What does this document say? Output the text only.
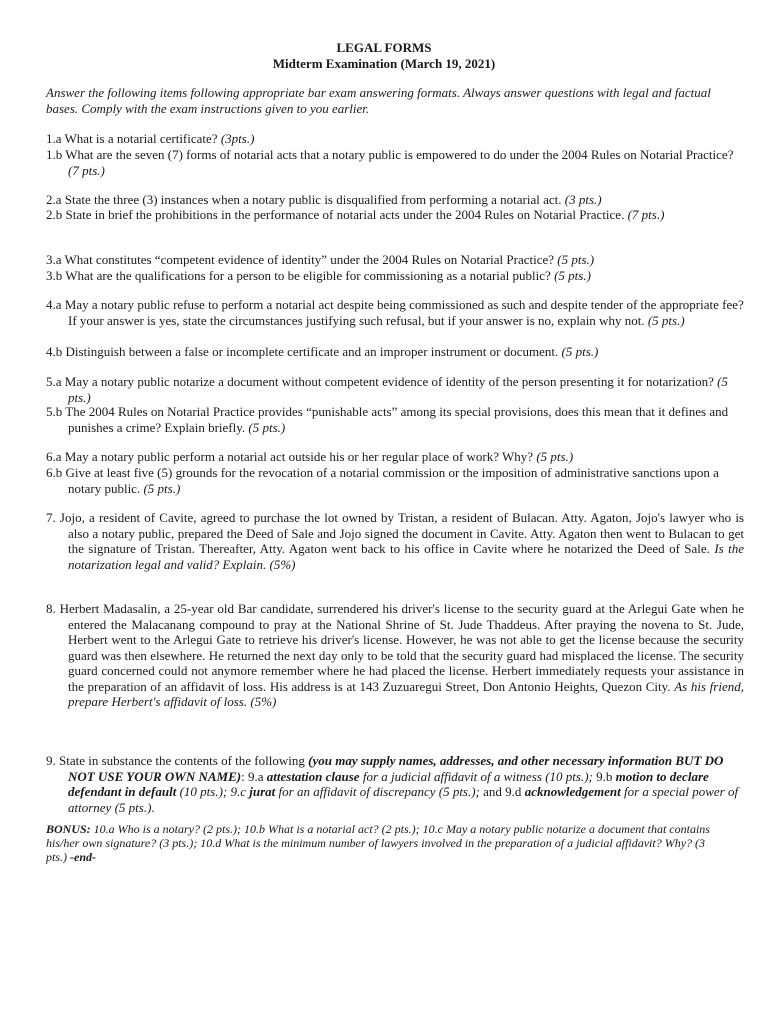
LEGAL FORMS
Midterm Examination (March 19, 2021)
Answer the following items following appropriate bar exam answering formats. Always answer questions with legal and factual bases. Comply with the exam instructions given to you earlier.
1.a What is a notarial certificate? (3pts.)
1.b What are the seven (7) forms of notarial acts that a notary public is empowered to do under the 2004 Rules on Notarial Practice? (7 pts.)
2.a State the three (3) instances when a notary public is disqualified from performing a notarial act. (3 pts.)
2.b State in brief the prohibitions in the performance of notarial acts under the 2004 Rules on Notarial Practice. (7 pts.)
3.a What constitutes “competent evidence of identity” under the 2004 Rules on Notarial Practice? (5 pts.)
3.b What are the qualifications for a person to be eligible for commissioning as a notarial public? (5 pts.)
4.a May a notary public refuse to perform a notarial act despite being commissioned as such and despite tender of the appropriate fee? If your answer is yes, state the circumstances justifying such refusal, but if your answer is no, explain why not. (5 pts.)
4.b Distinguish between a false or incomplete certificate and an improper instrument or document. (5 pts.)
5.a May a notary public notarize a document without competent evidence of identity of the person presenting it for notarization? (5 pts.)
5.b The 2004 Rules on Notarial Practice provides “punishable acts” among its special provisions, does this mean that it defines and punishes a crime? Explain briefly. (5 pts.)
6.a May a notary public perform a notarial act outside his or her regular place of work? Why? (5 pts.)
6.b Give at least five (5) grounds for the revocation of a notarial commission or the imposition of administrative sanctions upon a notary public. (5 pts.)
7. Jojo, a resident of Cavite, agreed to purchase the lot owned by Tristan, a resident of Bulacan. Atty. Agaton, Jojo's lawyer who is also a notary public, prepared the Deed of Sale and Jojo signed the document in Cavite. Atty. Agaton then went to Bulacan to get the signature of Tristan. Thereafter, Atty. Agaton went back to his office in Cavite where he notarized the Deed of Sale. Is the notarization legal and valid? Explain. (5%)
8. Herbert Madasalin, a 25-year old Bar candidate, surrendered his driver's license to the security guard at the Arlegui Gate when he entered the Malacanang compound to pray at the National Shrine of St. Jude Thaddeus. After praying the novena to St. Jude, Herbert went to the Arlegui Gate to retrieve his driver's license. However, he was not able to get the license because the security guard was then elsewhere. He returned the next day only to be told that the security guard had misplaced the license. The security guard concerned could not anymore remember where he had placed the license. Herbert immediately requests your assistance in the preparation of an affidavit of loss. His address is at 143 Zuzuaregui Street, Don Antonio Heights, Quezon City. As his friend, prepare Herbert's affidavit of loss. (5%)
9. State in substance the contents of the following (you may supply names, addresses, and other necessary information BUT DO NOT USE YOUR OWN NAME): 9.a attestation clause for a judicial affidavit of a witness (10 pts.); 9.b motion to declare defendant in default (10 pts.); 9.c jurat for an affidavit of discrepancy (5 pts.); and 9.d acknowledgement for a special power of attorney (5 pts.).
BONUS: 10.a Who is a notary? (2 pts.); 10.b What is a notarial act? (2 pts.); 10.c May a notary public notarize a document that contains his/her own signature? (3 pts.); 10.d What is the minimum number of lawyers involved in the preparation of a judicial affidavit? Why? (3 pts.) -end-
